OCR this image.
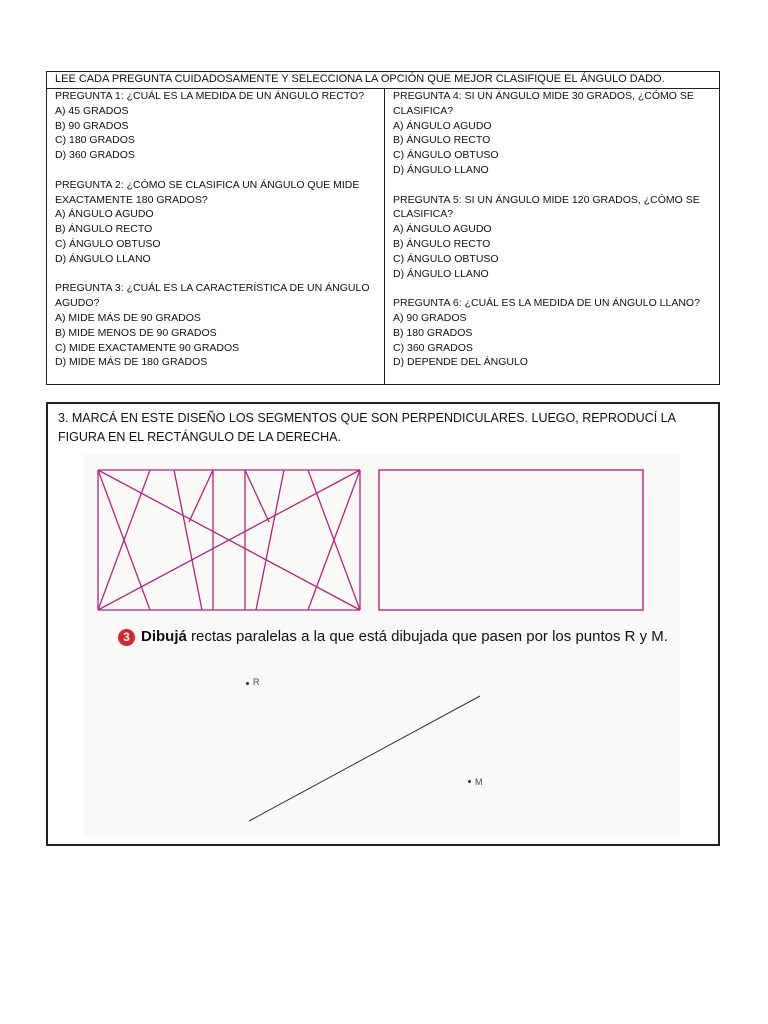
LEE CADA PREGUNTA CUIDADOSAMENTE Y SELECCIONA LA OPCIÓN QUE MEJOR CLASIFIQUE EL ÁNGULO DADO.
PREGUNTA 1: ¿CUÁL ES LA MEDIDA DE UN ÁNGULO RECTO?
A) 45 GRADOS
B) 90 GRADOS
C) 180 GRADOS
D) 360 GRADOS
PREGUNTA 2: ¿CÓMO SE CLASIFICA UN ÁNGULO QUE MIDE EXACTAMENTE 180 GRADOS?
A) ÁNGULO AGUDO
B) ÁNGULO RECTO
C) ÁNGULO OBTUSO
D) ÁNGULO LLANO
PREGUNTA 3: ¿CUÁL ES LA CARACTERÍSTICA DE UN ÁNGULO AGUDO?
A) MIDE MÁS DE 90 GRADOS
B) MIDE MENOS DE 90 GRADOS
C) MIDE EXACTAMENTE 90 GRADOS
D) MIDE MÁS DE 180 GRADOS
PREGUNTA 4: SI UN ÁNGULO MIDE 30 GRADOS, ¿CÓMO SE CLASIFICA?
A) ÁNGULO AGUDO
B) ÁNGULO RECTO
C) ÁNGULO OBTUSO
D) ÁNGULO LLANO
PREGUNTA 5: SI UN ÁNGULO MIDE 120 GRADOS, ¿CÓMO SE CLASIFICA?
A) ÁNGULO AGUDO
B) ÁNGULO RECTO
C) ÁNGULO OBTUSO
D) ÁNGULO LLANO
PREGUNTA 6: ¿CUÁL ES LA MEDIDA DE UN ÁNGULO LLANO?
A) 90 GRADOS
B) 180 GRADOS
C) 360 GRADOS
D) DEPENDE DEL ÁNGULO
3. MARCÁ EN ESTE DISEÑO LOS SEGMENTOS QUE SON PERPENDICULARES. LUEGO, REPRODUCÍ LA FIGURA EN EL RECTÁNGULO DE LA DERECHA.
3 Dibujá rectas paralelas a la que está dibujada que pasen por los puntos R y M.
R
M
